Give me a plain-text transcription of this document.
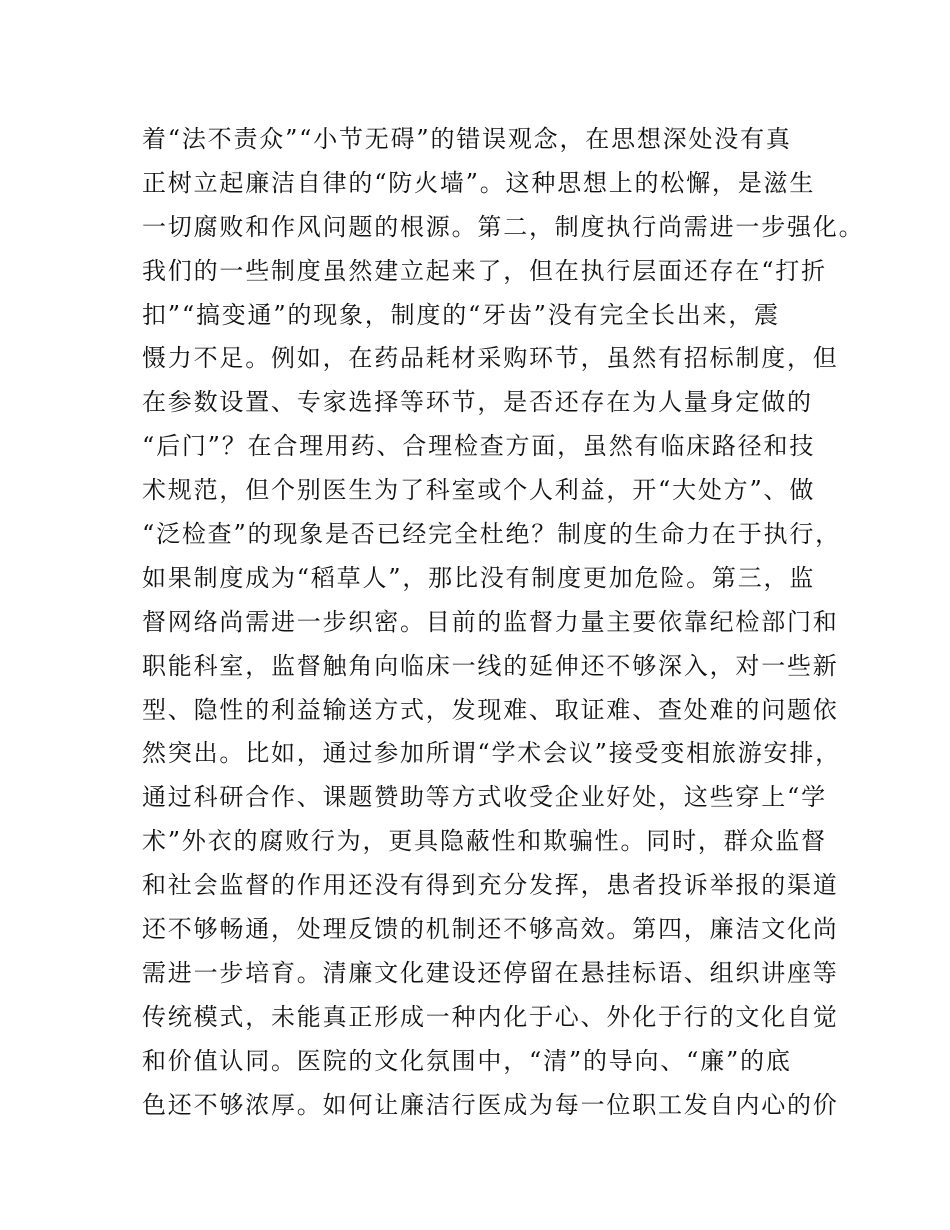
着“法不责众”“小节无碍”的错误观念，在思想深处没有真
正树立起廉洁自律的“防火墙”。这种思想上的松懈，是滋生
一切腐败和作风问题的根源。第二，制度执行尚需进一步强化。
我们的一些制度虽然建立起来了，但在执行层面还存在“打折
扣”“搞变通”的现象，制度的“牙齿”没有完全长出来，震
慑力不足。例如，在药品耗材采购环节，虽然有招标制度，但
在参数设置、专家选择等环节，是否还存在为人量身定做的
“后门”？在合理用药、合理检查方面，虽然有临床路径和技
术规范，但个别医生为了科室或个人利益，开“大处方”、做
“泛检查”的现象是否已经完全杜绝？制度的生命力在于执行，
如果制度成为“稻草人”，那比没有制度更加危险。第三，监
督网络尚需进一步织密。目前的监督力量主要依靠纪检部门和
职能科室，监督触角向临床一线的延伸还不够深入，对一些新
型、隐性的利益输送方式，发现难、取证难、查处难的问题依
然突出。比如，通过参加所谓“学术会议”接受变相旅游安排，
通过科研合作、课题赞助等方式收受企业好处，这些穿上“学
术”外衣的腐败行为，更具隐蔽性和欺骗性。同时，群众监督
和社会监督的作用还没有得到充分发挥，患者投诉举报的渠道
还不够畅通，处理反馈的机制还不够高效。第四，廉洁文化尚
需进一步培育。清廉文化建设还停留在悬挂标语、组织讲座等
传统模式，未能真正形成一种内化于心、外化于行的文化自觉
和价值认同。医院的文化氛围中，“清”的导向、“廉”的底
色还不够浓厚。如何让廉洁行医成为每一位职工发自内心的价
